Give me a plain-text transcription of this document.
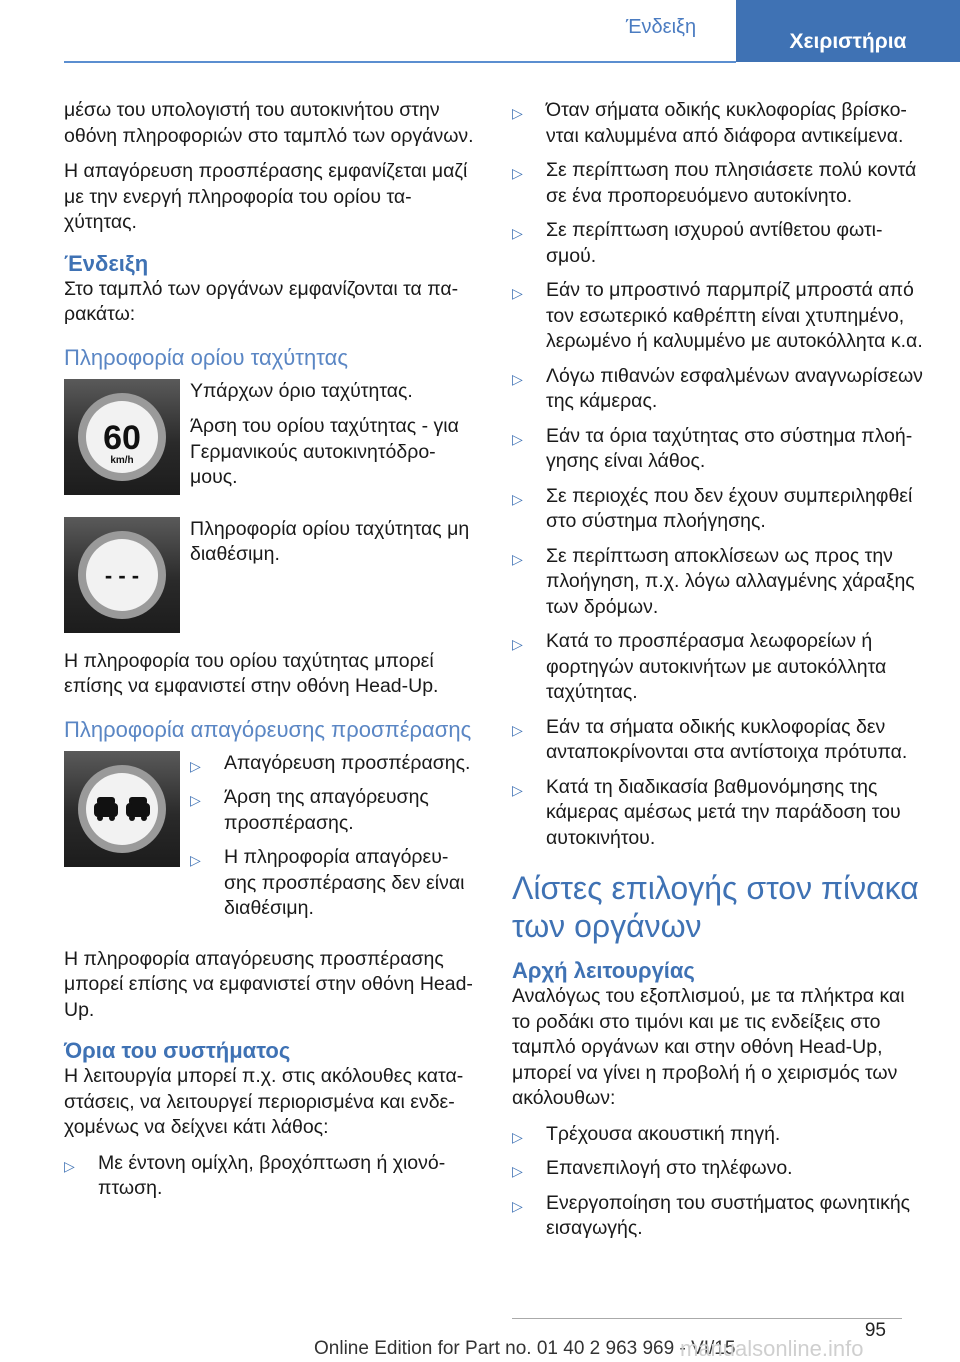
Ένδειξη
Χειριστήρια

μέσω του υπολογιστή του αυτοκινήτου στην οθόνη πληροφοριών στο ταμπλό των οργάνων.

Η απαγόρευση προσπέρασης εμφανίζεται μαζί με την ενεργή πληροφορία του ορίου τα‐χύτητας.

Ένδειξη

Στο ταμπλό των οργάνων εμφανίζονται τα πα‐ρακάτω:

Πληροφορία ορίου ταχύτητας
60
km/h

Υπάρχων όριο ταχύτητας.

Άρση του ορίου ταχύτητας - για Γερμανικούς αυτοκινητόδρο‐μους.

- - -

Πληροφορία ορίου ταχύτητας μη διαθέσιμη.

Η πληροφορία του ορίου ταχύτητας μπορεί επίσης να εμφανιστεί στην οθόνη Head-Up.

Πληροφορία απαγόρευσης προσπέρασης
▷ Απαγόρευση προσπέρασης.
▷ Άρση της απαγόρευσης προσπέρασης.
▷ Η πληροφορία απαγόρευ‐σης προσπέρασης δεν είναι διαθέσιμη.

Η πληροφορία απαγόρευσης προσπέρασης μπορεί επίσης να εμφανιστεί στην οθόνη Head-Up.

Όρια του συστήματος

Η λειτουργία μπορεί π.χ. στις ακόλουθες κατα‐στάσεις, να λειτουργεί περιορισμένα και ενδε‐χομένως να δείχνει κάτι λάθος:

▷ Με έντονη ομίχλη, βροχόπτωση ή χιονό‐πτωση.
▷ Όταν σήματα οδικής κυκλοφορίας βρίσκο‐νται καλυμμένα από διάφορα αντικείμενα.
▷ Σε περίπτωση που πλησιάσετε πολύ κοντά σε ένα προπορευόμενο αυτοκίνητο.
▷ Σε περίπτωση ισχυρού αντίθετου φωτι‐σμού.
▷ Εάν το μπροστινό παρμπρίζ μπροστά από τον εσωτερικό καθρέπτη είναι χτυπημένο, λερωμένο ή καλυμμένο με αυτοκόλλητα κ.α.
▷ Λόγω πιθανών εσφαλμένων αναγνωρίσεων της κάμερας.
▷ Εάν τα όρια ταχύτητας στο σύστημα πλοή‐γησης είναι λάθος.
▷ Σε περιοχές που δεν έχουν συμπεριληφθεί στο σύστημα πλοήγησης.
▷ Σε περίπτωση αποκλίσεων ως προς την πλοήγηση, π.χ. λόγω αλλαγμένης χάραξης των δρόμων.
▷ Κατά το προσπέρασμα λεωφορείων ή φορτηγών αυτοκινήτων με αυτοκόλλητα ταχύτητας.
▷ Εάν τα σήματα οδικής κυκλοφορίας δεν ανταποκρίνονται στα αντίστοιχα πρότυπα.
▷ Κατά τη διαδικασία βαθμονόμησης της κάμερας αμέσως μετά την παράδοση του αυτοκινήτου.
Λίστες επιλογής στον πίνακα των οργάνων
Αρχή λειτουργίας

Αναλόγως του εξοπλισμού, με τα πλήκτρα και το ροδάκι στο τιμόνι και με τις ενδείξεις στο ταμπλό οργάνων και στην οθόνη Head-Up, μπορεί να γίνει η προβολή ή ο χειρισμός των ακόλουθων:

▷ Τρέχουσα ακουστική πηγή.
▷ Επανεπιλογή στο τηλέφωνο.
▷ Ενεργοποίηση του συστήματος φωνητικής εισαγωγής.
95
Online Edition for Part no. 01 40 2 963 969 - VI/15
manualsonline.info
